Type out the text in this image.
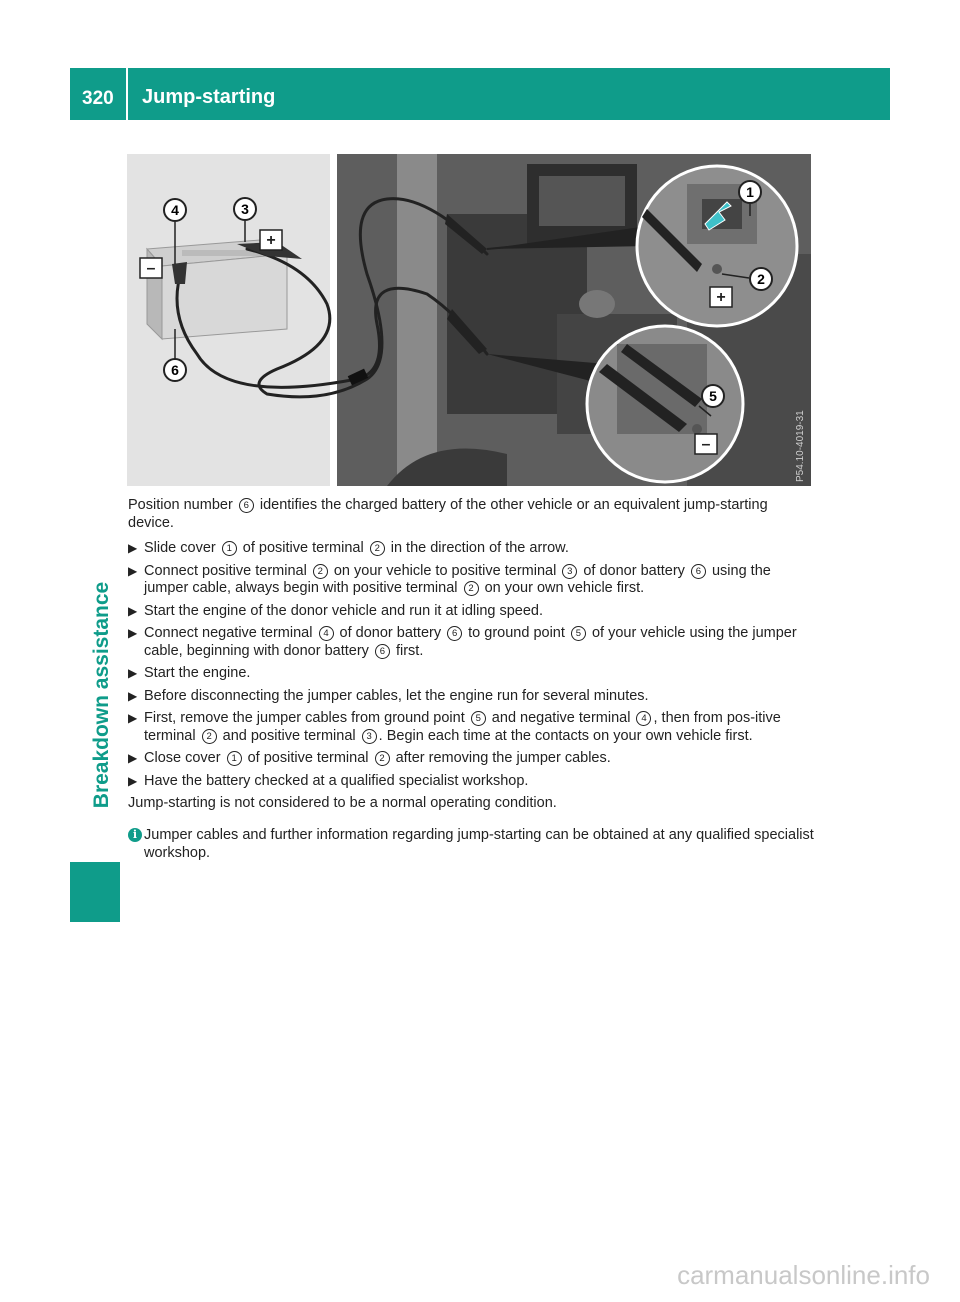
320 Jump-starting
Breakdown assistance
+
–
+
–
4	3
6
1
2
5
P54.10-4019-31

Position number 6 identifies the charged battery of the other vehicle or an equivalent jump-starting device.

▶ Slide cover 1 of positive terminal 2 in the direction of the arrow.

▶ Connect positive terminal 2 on your vehicle to positive terminal 3 of donor battery 6 using the jumper cable, always begin with positive terminal 2 on your own vehicle first.

▶ Start the engine of the donor vehicle and run it at idling speed.

▶ Connect negative terminal 4 of donor battery 6 to ground point 5 of your vehicle using the jumper cable, beginning with donor battery 6 first.

▶ Start the engine.

▶ Before disconnecting the jumper cables, let the engine run for several minutes.

▶ First, remove the jumper cables from ground point 5 and negative terminal 4 , then from pos-itive terminal 2 and positive terminal 3 . Begin each time at the contacts on your own vehicle first.

▶ Close cover 1 of positive terminal 2 after removing the jumper cables.

▶ Have the battery checked at a qualified specialist workshop.

Jump-starting is not considered to be a normal operating condition.

i Jumper cables and further information regarding jump-starting can be obtained at any qualified specialist workshop.

carmanualsonline.info
